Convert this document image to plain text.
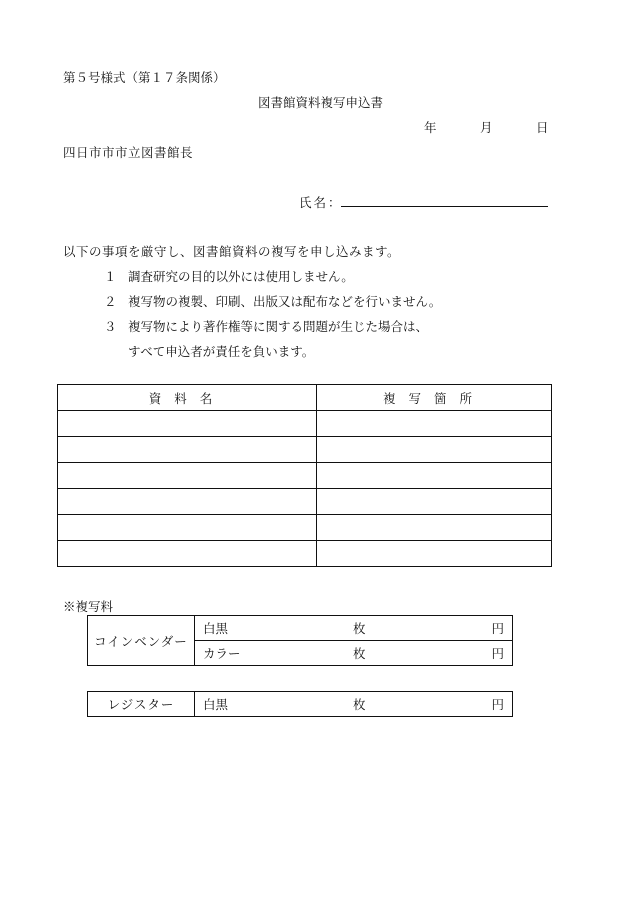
第５号様式（第１７条関係）
図書館資料複写申込書
年	月	日
四日市市市立図書館長
氏名：
以下の事項を厳守し、図書館資料の複写を申し込みます。
１ 調査研究の目的以外には使用しません。
２ 複写物の複製、印刷、出版又は配布などを行いません。
３ 複写物により著作権等に関する問題が生じた場合は、
すべて申込者が責任を負います。
資料名	複写箇所

※複写料
コインベンダー	
白黒	枚	円

カラー	枚	円
レジスター	白黒	枚	円
